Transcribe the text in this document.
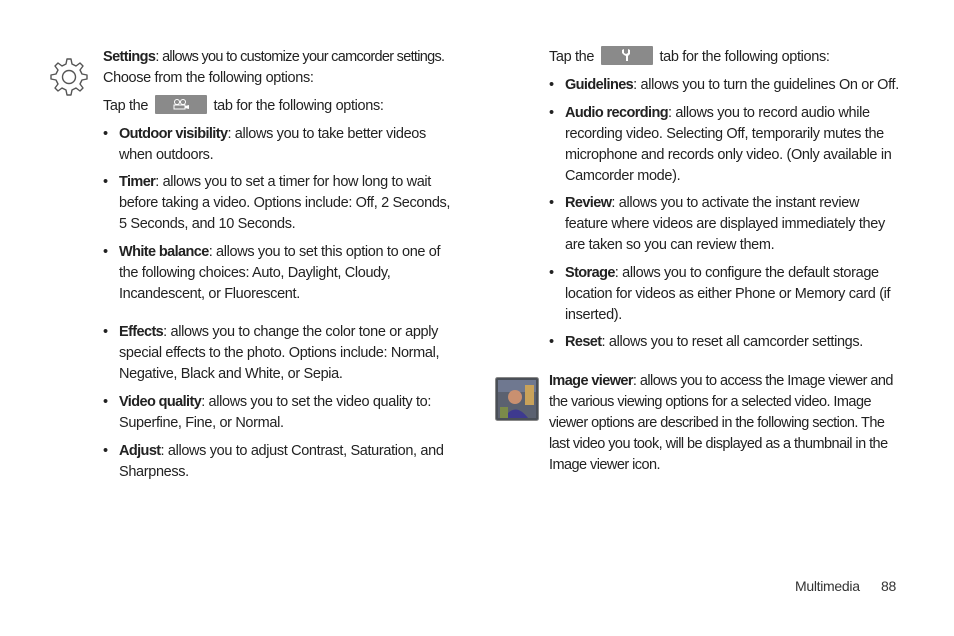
Settings: allows you to customize your camcorder settings.

Choose from the following options:

Tap the	tab for the following options:

• Outdoor visibility: allows you to take better videos when outdoors.

• Timer: allows you to set a timer for how long to wait before taking a video. Options include: Off, 2 Seconds, 5 Seconds, and 10 Seconds.

• White balance: allows you to set this option to one of the following choices: Auto, Daylight, Cloudy, Incandescent, or Fluorescent.

• Effects: allows you to change the color tone or apply special effects to the photo. Options include: Normal, Negative, Black and White, or Sepia.

• Video quality: allows you to set the video quality to: Superfine, Fine, or Normal.

• Adjust: allows you to adjust Contrast, Saturation, and Sharpness.

Tap the	tab for the following options:

• Guidelines: allows you to turn the guidelines On or Off.

• Audio recording: allows you to record audio while recording video. Selecting Off, temporarily mutes the microphone and records only video. (Only available in Camcorder mode).

• Review: allows you to activate the instant review feature where videos are displayed immediately they are taken so you can review them.

• Storage: allows you to configure the default storage location for videos as either Phone or Memory card (if inserted).

• Reset: allows you to reset all camcorder settings.

Image viewer: allows you to access the Image viewer and the various viewing options for a selected video. Image viewer options are described in the following section. The last video you took, will be displayed as a thumbnail in the Image viewer icon.

Multimedia 88
